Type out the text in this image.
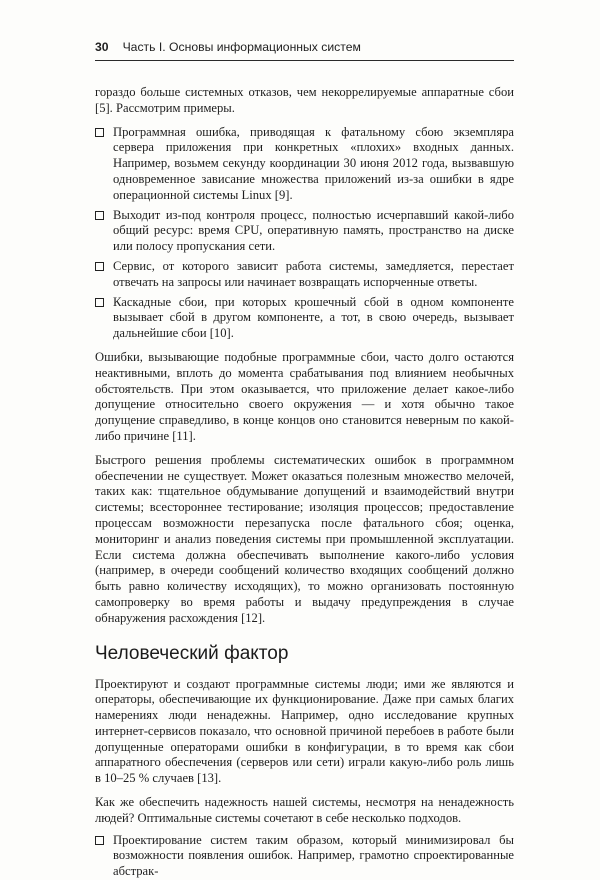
30 Часть I. Основы информационных систем

гораздо больше системных отказов, чем некоррелируемые аппаратные сбои [5]. Рассмотрим примеры.

Программная ошибка, приводящая к фатальному сбою экземпляра сервера приложения при конкретных «плохих» входных данных. Например, возьмем секунду координации 30 июня 2012 года, вызвавшую одновременное зависание множества приложений из-за ошибки в ядре операционной системы Linux [9].
Выходит из-под контроля процесс, полностью исчерпавший какой-либо общий ресурс: время CPU, оперативную память, пространство на диске или полосу пропускания сети.
Сервис, от которого зависит работа системы, замедляется, перестает отвечать на запросы или начинает возвращать испорченные ответы.
Каскадные сбои, при которых крошечный сбой в одном компоненте вызывает сбой в другом компоненте, а тот, в свою очередь, вызывает дальнейшие сбои [10].

Ошибки, вызывающие подобные программные сбои, часто долго остаются неактивными, вплоть до момента срабатывания под влиянием необычных обстоятельств. При этом оказывается, что приложение делает какое-либо допущение относительно своего окружения — и хотя обычно такое допущение справедливо, в конце концов оно становится неверным по какой-либо причине [11].

Быстрого решения проблемы систематических ошибок в программном обеспечении не существует. Может оказаться полезным множество мелочей, таких как: тщательное обдумывание допущений и взаимодействий внутри системы; всестороннее тестирование; изоляция процессов; предоставление процессам возможности перезапуска после фатального сбоя; оценка, мониторинг и анализ поведения системы при промышленной эксплуатации. Если система должна обеспечивать выполнение какого-либо условия (например, в очереди сообщений количество входящих сообщений должно быть равно количеству исходящих), то можно организовать постоянную самопроверку во время работы и выдачу предупреждения в случае обнаружения расхождения [12].

Человеческий фактор

Проектируют и создают программные системы люди; ими же являются и операторы, обеспечивающие их функционирование. Даже при самых благих намерениях люди ненадежны. Например, одно исследование крупных интернет-сервисов показало, что основной причиной перебоев в работе были допущенные операторами ошибки в конфигурации, в то время как сбои аппаратного обеспечения (серверов или сети) играли какую-либо роль лишь в 10–25 % случаев [13].

Как же обеспечить надежность нашей системы, несмотря на ненадежность людей? Оптимальные системы сочетают в себе несколько подходов.

Проектирование систем таким образом, который минимизировал бы возможности появления ошибок. Например, грамотно спроектированные абстрак-
